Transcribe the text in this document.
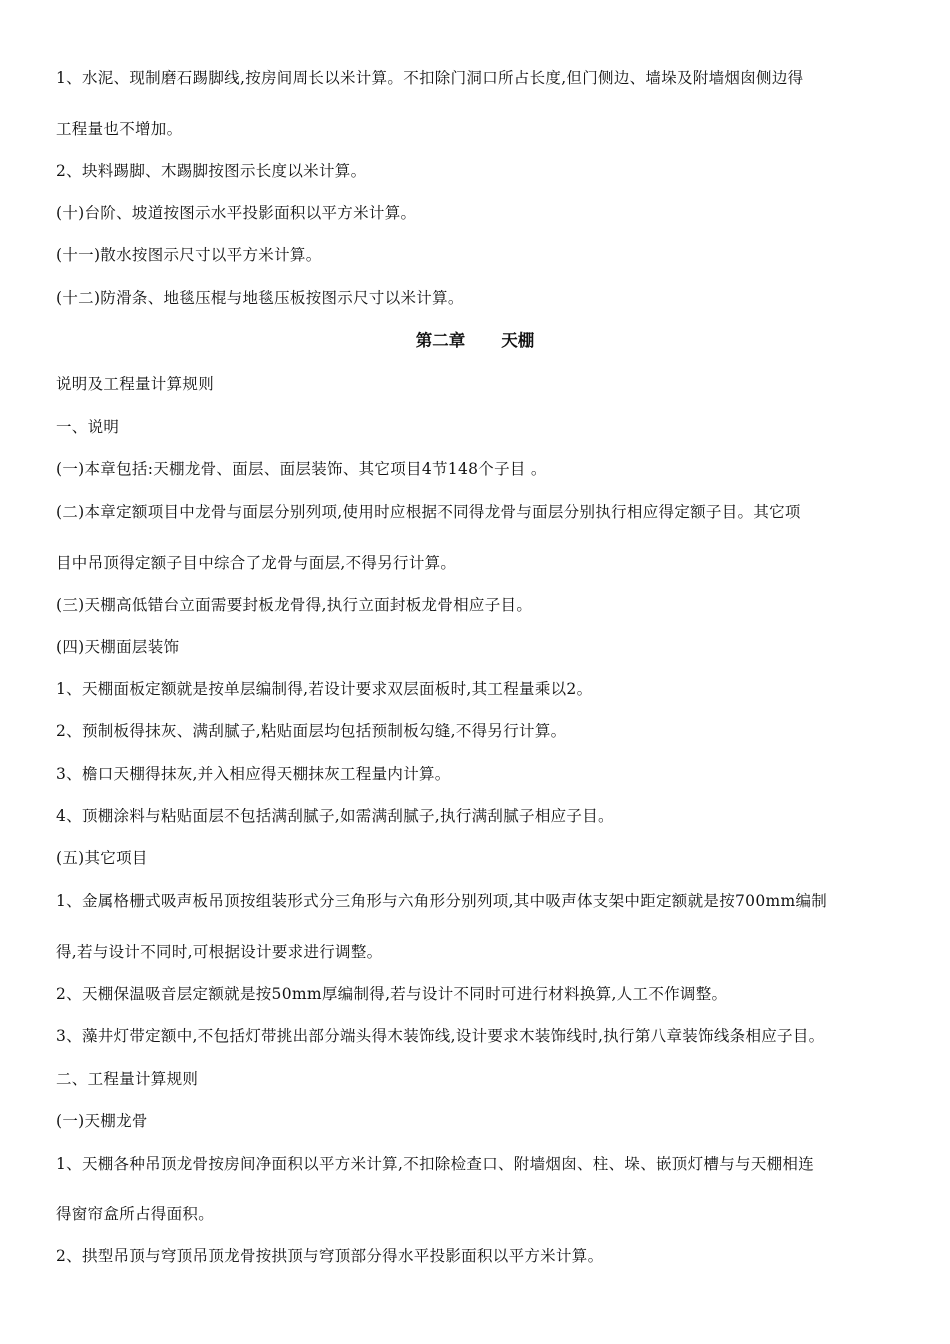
1、水泥、现制磨石踢脚线,按房间周长以米计算。不扣除门洞口所占长度,但门侧边、墙垛及附墙烟囱侧边得
工程量也不增加。
2、块料踢脚、木踢脚按图示长度以米计算。
(十)台阶、坡道按图示水平投影面积以平方米计算。
(十一)散水按图示尺寸以平方米计算。
(十二)防滑条、地毯压棍与地毯压板按图示尺寸以米计算。
第二章 天棚
说明及工程量计算规则
一、说明
(一)本章包括:天棚龙骨、面层、面层装饰、其它项目4节148个子目 。
(二)本章定额项目中龙骨与面层分别列项,使用时应根据不同得龙骨与面层分别执行相应得定额子目。其它项
目中吊顶得定额子目中综合了龙骨与面层,不得另行计算。
(三)天棚高低错台立面需要封板龙骨得,执行立面封板龙骨相应子目。
(四)天棚面层装饰
1、天棚面板定额就是按单层编制得,若设计要求双层面板时,其工程量乘以2。
2、预制板得抹灰、满刮腻子,粘贴面层均包括预制板勾缝,不得另行计算。
3、檐口天棚得抹灰,并入相应得天棚抹灰工程量内计算。
4、顶棚涂料与粘贴面层不包括满刮腻子,如需满刮腻子,执行满刮腻子相应子目。
(五)其它项目
1、金属格栅式吸声板吊顶按组装形式分三角形与六角形分别列项,其中吸声体支架中距定额就是按700mm编制
得,若与设计不同时,可根据设计要求进行调整。
2、天棚保温吸音层定额就是按50mm厚编制得,若与设计不同时可进行材料换算,人工不作调整。
3、藻井灯带定额中,不包括灯带挑出部分端头得木装饰线,设计要求木装饰线时,执行第八章装饰线条相应子目。
二、工程量计算规则
(一)天棚龙骨
1、天棚各种吊顶龙骨按房间净面积以平方米计算,不扣除检查口、附墙烟囱、柱、垛、嵌顶灯槽与与天棚相连
得窗帘盒所占得面积。
2、拱型吊顶与穹顶吊顶龙骨按拱顶与穹顶部分得水平投影面积以平方米计算。
